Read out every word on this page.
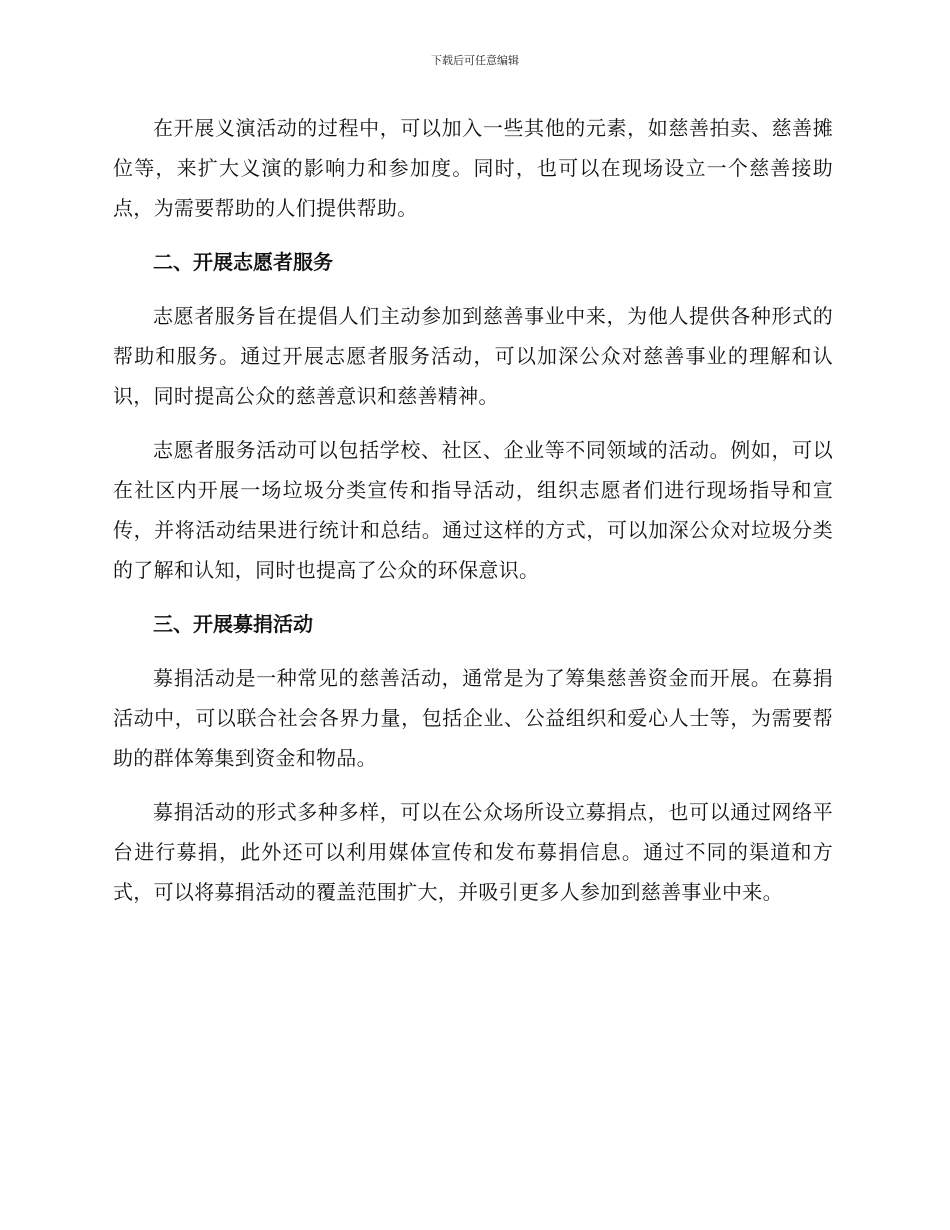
下载后可任意编辑

在开展义演活动的过程中，可以加入一些其他的元素，如慈善拍卖、慈善摊位等，来扩大义演的影响力和参加度。同时，也可以在现场设立一个慈善接助点，为需要帮助的人们提供帮助。

二、开展志愿者服务

志愿者服务旨在提倡人们主动参加到慈善事业中来，为他人提供各种形式的帮助和服务。通过开展志愿者服务活动，可以加深公众对慈善事业的理解和认识，同时提高公众的慈善意识和慈善精神。

志愿者服务活动可以包括学校、社区、企业等不同领域的活动。例如，可以在社区内开展一场垃圾分类宣传和指导活动，组织志愿者们进行现场指导和宣传，并将活动结果进行统计和总结。通过这样的方式，可以加深公众对垃圾分类的了解和认知，同时也提高了公众的环保意识。

三、开展募捐活动

募捐活动是一种常见的慈善活动，通常是为了筹集慈善资金而开展。在募捐活动中，可以联合社会各界力量，包括企业、公益组织和爱心人士等，为需要帮助的群体筹集到资金和物品。

募捐活动的形式多种多样，可以在公众场所设立募捐点，也可以通过网络平台进行募捐，此外还可以利用媒体宣传和发布募捐信息。通过不同的渠道和方式，可以将募捐活动的覆盖范围扩大，并吸引更多人参加到慈善事业中来。
